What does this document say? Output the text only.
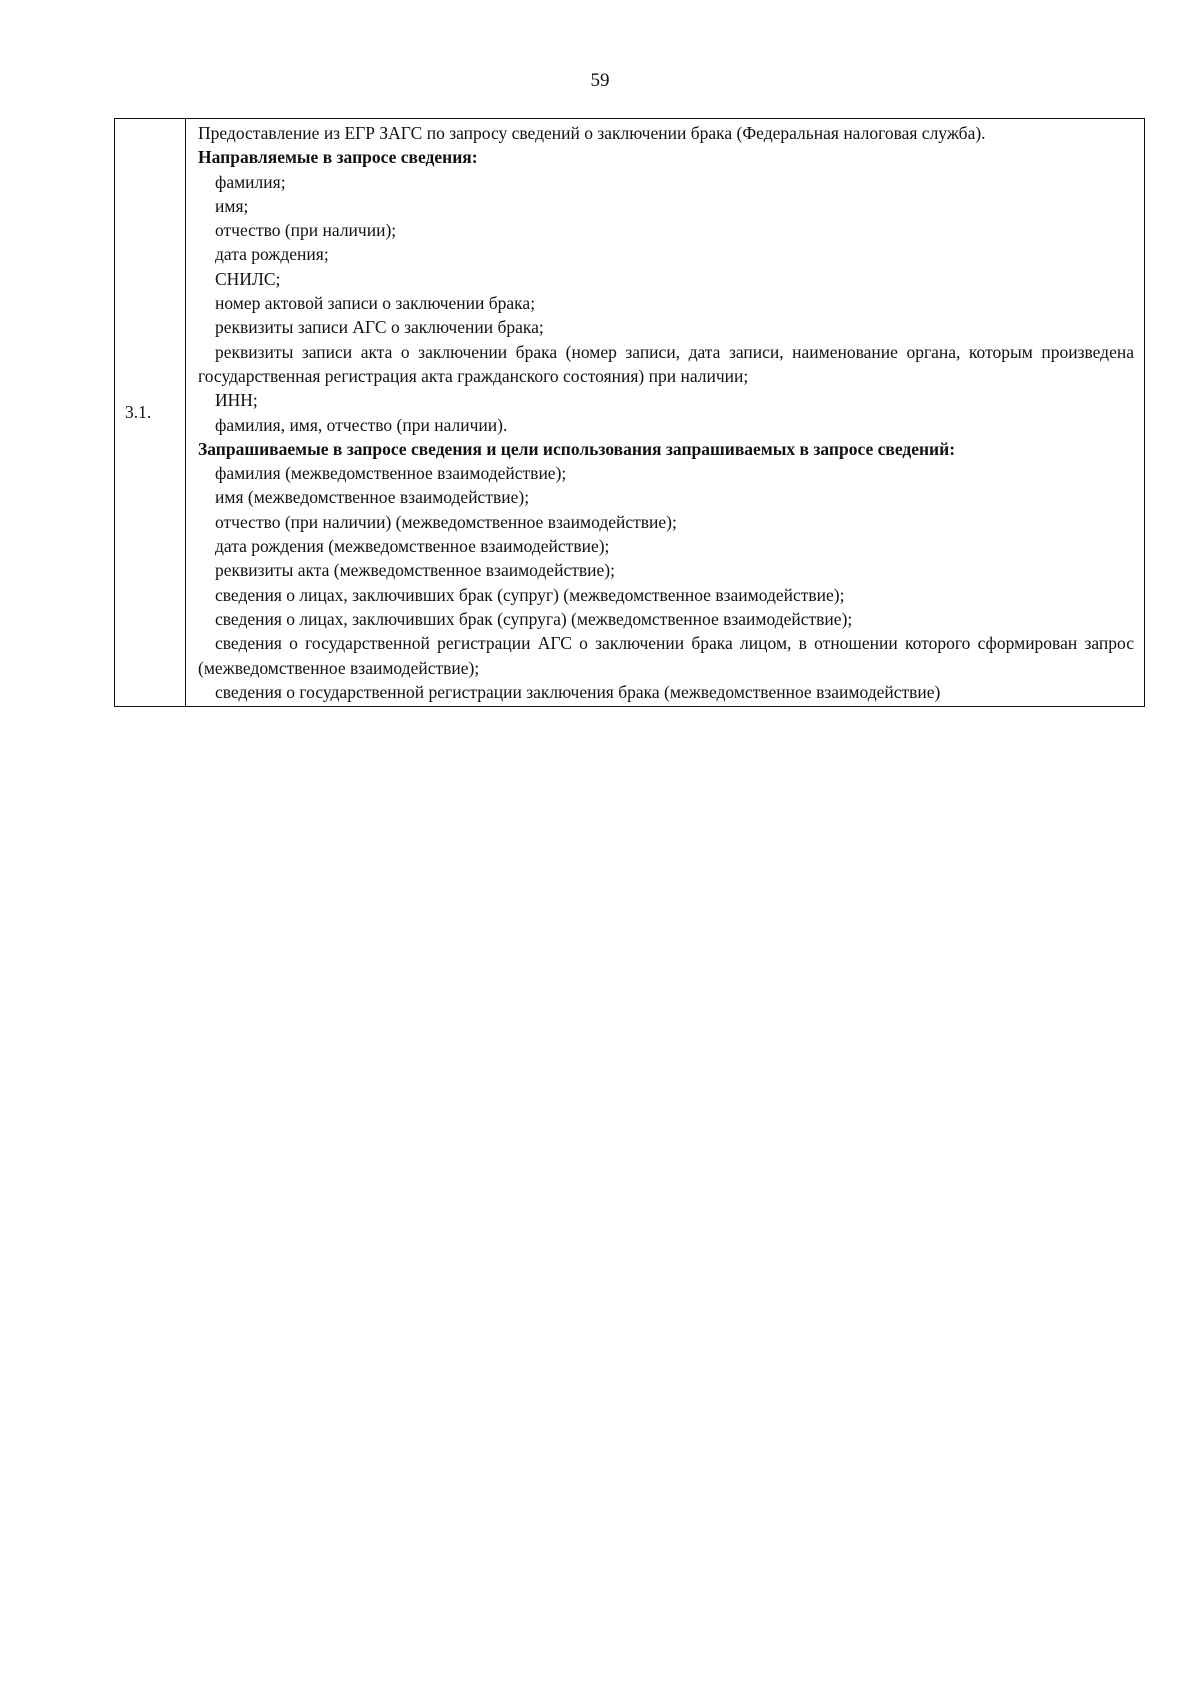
59
3.1.	

Предоставление из ЕГР ЗАГС по запросу сведений о заключении брака (Федеральная налоговая служба).

Направляемые в запросе сведения:

фамилия;

имя;

отчество (при наличии);

дата рождения;

СНИЛС;

номер актовой записи о заключении брака;

реквизиты записи АГС о заключении брака;

реквизиты записи акта о заключении брака (номер записи, дата записи, наименование органа, которым произведена государственная регистрация акта гражданского состояния) при наличии;

ИНН;

фамилия, имя, отчество (при наличии).

Запрашиваемые в запросе сведения и цели использования запрашиваемых в запросе сведений:

фамилия (межведомственное взаимодействие);

имя (межведомственное взаимодействие);

отчество (при наличии) (межведомственное взаимодействие);

дата рождения (межведомственное взаимодействие);

реквизиты акта (межведомственное взаимодействие);

сведения о лицах, заключивших брак (супруг) (межведомственное взаимодействие);

сведения о лицах, заключивших брак (супруга) (межведомственное взаимодействие);

сведения о государственной регистрации АГС о заключении брака лицом, в отношении которого сформирован запрос (межведомственное взаимодействие);

сведения о государственной регистрации заключения брака (межведомственное взаимодействие)
